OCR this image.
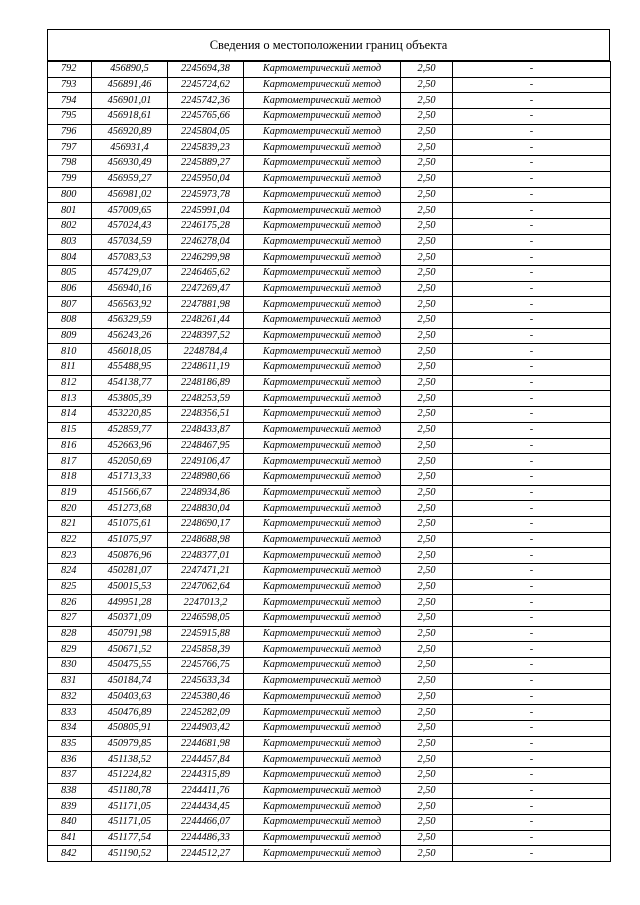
Сведения о местоположении границ объекта
792	456890,5	2245694,38	Картометрический метод	2,50	-
793	456891,46	2245724,62	Картометрический метод	2,50	-
794	456901,01	2245742,36	Картометрический метод	2,50	-
795	456918,61	2245765,66	Картометрический метод	2,50	-
796	456920,89	2245804,05	Картометрический метод	2,50	-
797	456931,4	2245839,23	Картометрический метод	2,50	-
798	456930,49	2245889,27	Картометрический метод	2,50	-
799	456959,27	2245950,04	Картометрический метод	2,50	-
800	456981,02	2245973,78	Картометрический метод	2,50	-
801	457009,65	2245991,04	Картометрический метод	2,50	-
802	457024,43	2246175,28	Картометрический метод	2,50	-
803	457034,59	2246278,04	Картометрический метод	2,50	-
804	457083,53	2246299,98	Картометрический метод	2,50	-
805	457429,07	2246465,62	Картометрический метод	2,50	-
806	456940,16	2247269,47	Картометрический метод	2,50	-
807	456563,92	2247881,98	Картометрический метод	2,50	-
808	456329,59	2248261,44	Картометрический метод	2,50	-
809	456243,26	2248397,52	Картометрический метод	2,50	-
810	456018,05	2248784,4	Картометрический метод	2,50	-
811	455488,95	2248611,19	Картометрический метод	2,50	-
812	454138,77	2248186,89	Картометрический метод	2,50	-
813	453805,39	2248253,59	Картометрический метод	2,50	-
814	453220,85	2248356,51	Картометрический метод	2,50	-
815	452859,77	2248433,87	Картометрический метод	2,50	-
816	452663,96	2248467,95	Картометрический метод	2,50	-
817	452050,69	2249106,47	Картометрический метод	2,50	-
818	451713,33	2248980,66	Картометрический метод	2,50	-
819	451566,67	2248934,86	Картометрический метод	2,50	-
820	451273,68	2248830,04	Картометрический метод	2,50	-
821	451075,61	2248690,17	Картометрический метод	2,50	-
822	451075,97	2248688,98	Картометрический метод	2,50	-
823	450876,96	2248377,01	Картометрический метод	2,50	-
824	450281,07	2247471,21	Картометрический метод	2,50	-
825	450015,53	2247062,64	Картометрический метод	2,50	-
826	449951,28	2247013,2	Картометрический метод	2,50	-
827	450371,09	2246598,05	Картометрический метод	2,50	-
828	450791,98	2245915,88	Картометрический метод	2,50	-
829	450671,52	2245858,39	Картометрический метод	2,50	-
830	450475,55	2245766,75	Картометрический метод	2,50	-
831	450184,74	2245633,34	Картометрический метод	2,50	-
832	450403,63	2245380,46	Картометрический метод	2,50	-
833	450476,89	2245282,09	Картометрический метод	2,50	-
834	450805,91	2244903,42	Картометрический метод	2,50	-
835	450979,85	2244681,98	Картометрический метод	2,50	-
836	451138,52	2244457,84	Картометрический метод	2,50	-
837	451224,82	2244315,89	Картометрический метод	2,50	-
838	451180,78	2244411,76	Картометрический метод	2,50	-
839	451171,05	2244434,45	Картометрический метод	2,50	-
840	451171,05	2244466,07	Картометрический метод	2,50	-
841	451177,54	2244486,33	Картометрический метод	2,50	-
842	451190,52	2244512,27	Картометрический метод	2,50	-
